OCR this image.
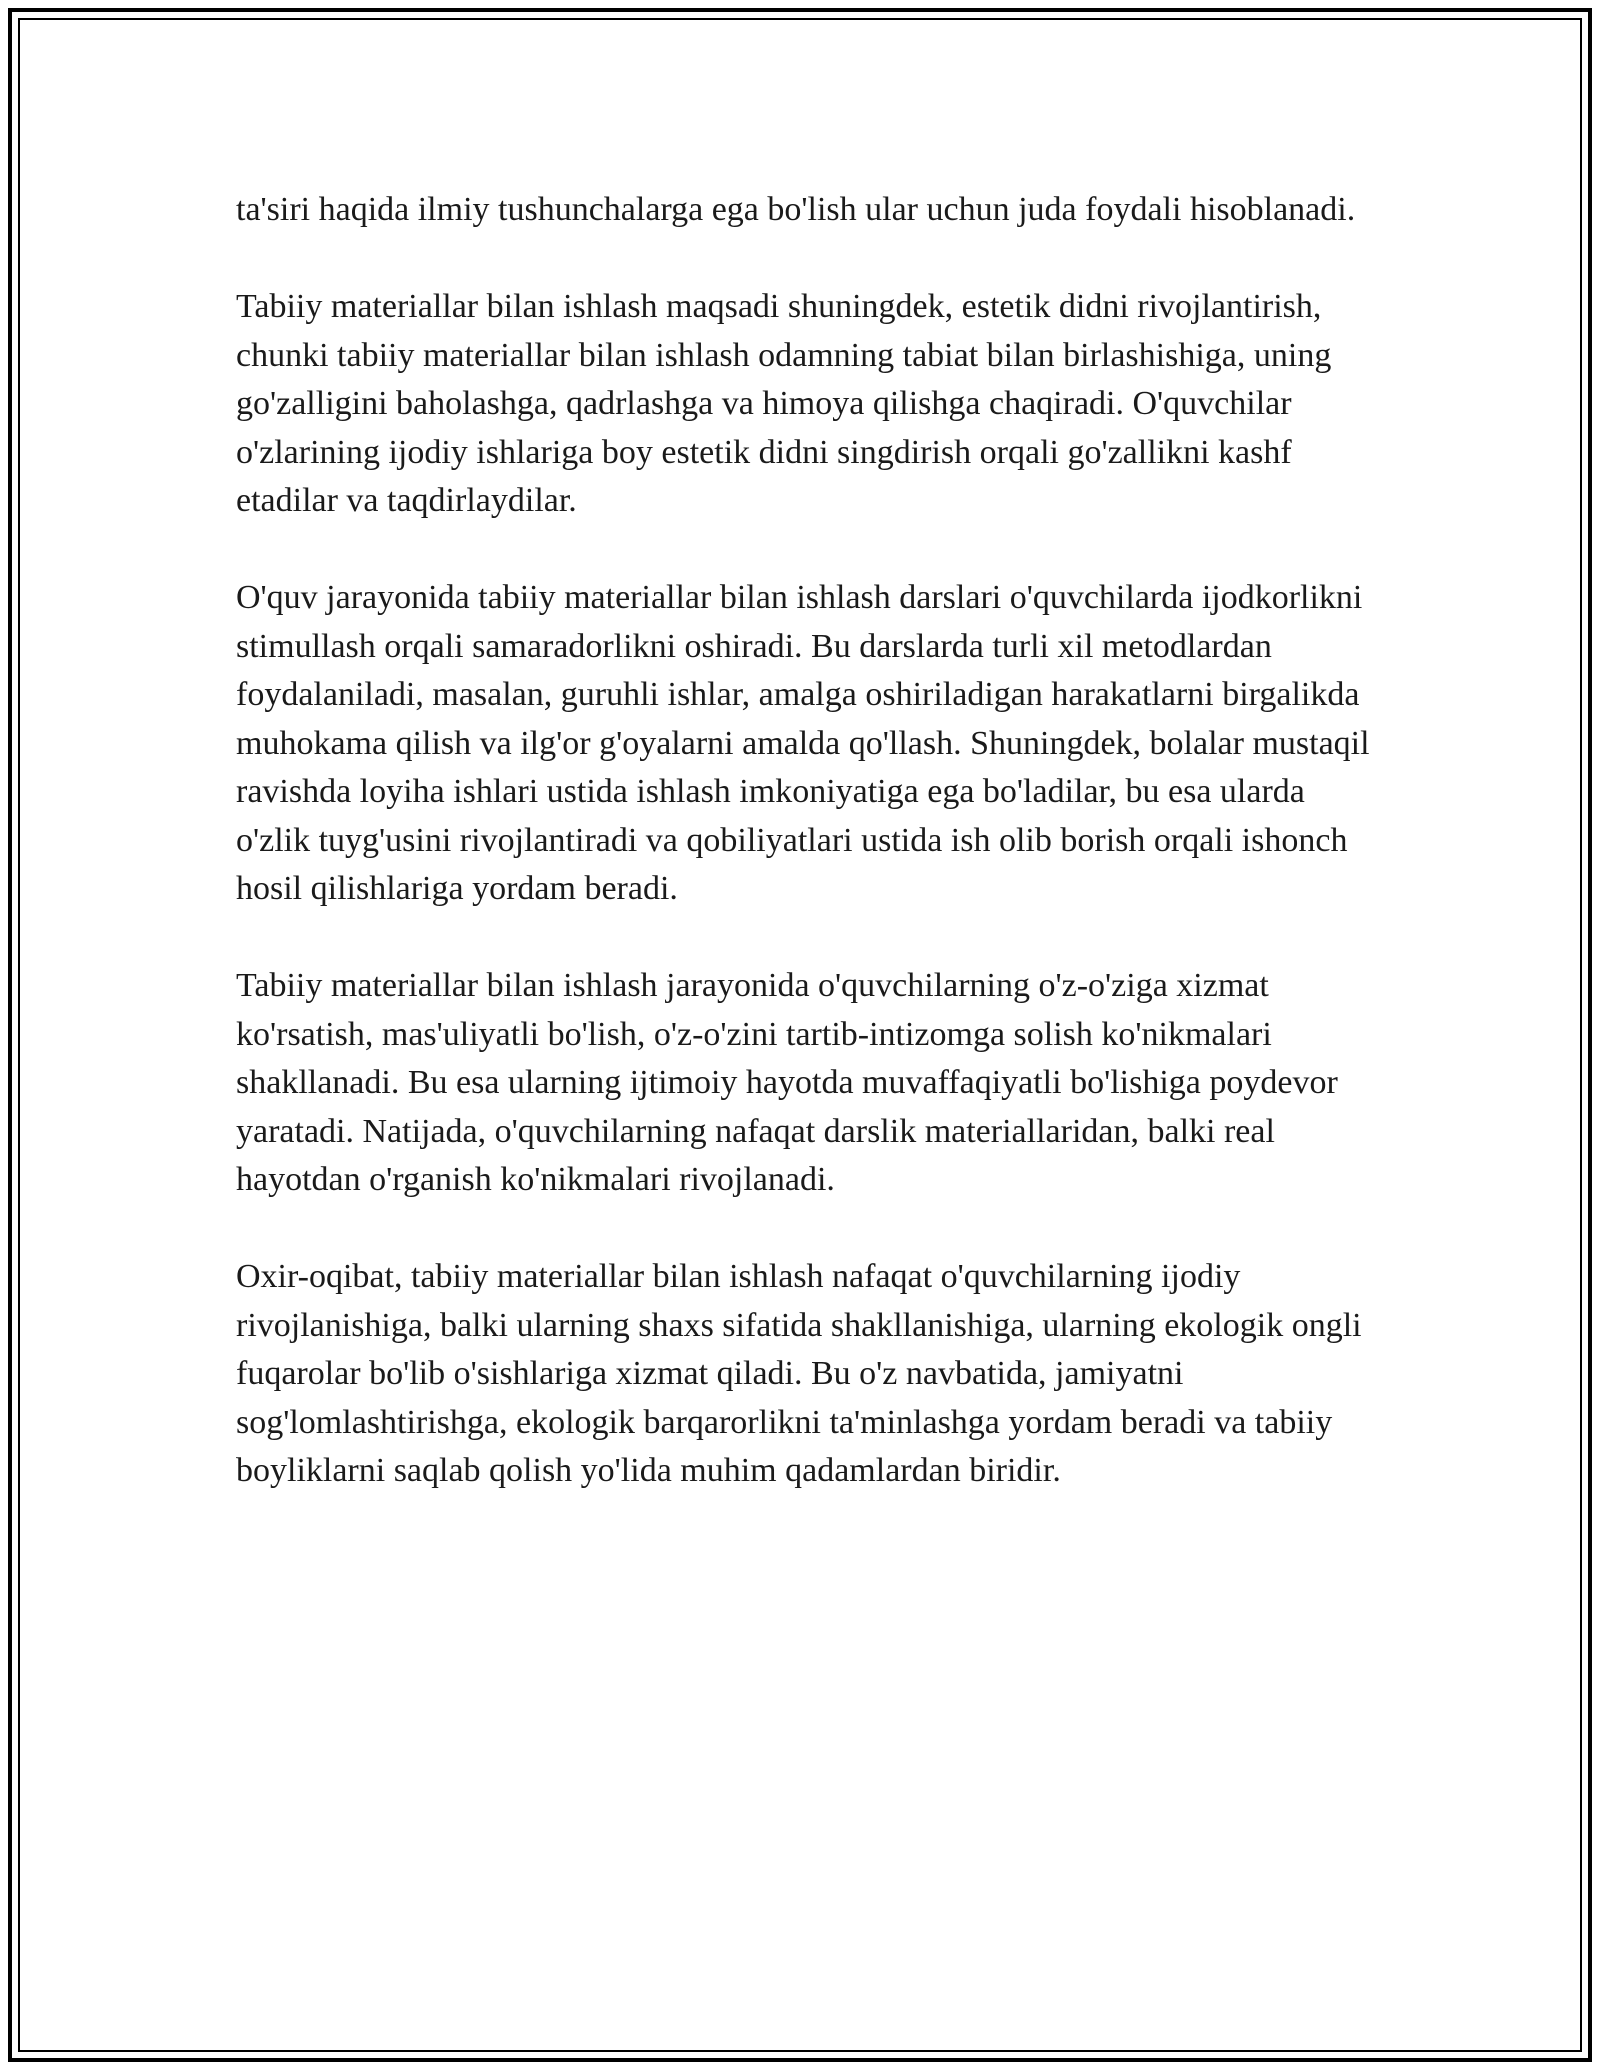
ta'siri haqida ilmiy tushunchalarga ega bo'lish ular uchun juda foydali hisoblanadi.

Tabiiy materiallar bilan ishlash maqsadi shuningdek, estetik didni rivojlantirish, chunki tabiiy materiallar bilan ishlash odamning tabiat bilan birlashishiga, uning go'zalligini baholashga, qadrlashga va himoya qilishga chaqiradi. O'quvchilar o'zlarining ijodiy ishlariga boy estetik didni singdirish orqali go'zallikni kashf etadilar va taqdirlaydilar.

O'quv jarayonida tabiiy materiallar bilan ishlash darslari o'quvchilarda ijodkorlikni stimullash orqali samaradorlikni oshiradi. Bu darslarda turli xil metodlardan foydalaniladi, masalan, guruhli ishlar, amalga oshiriladigan harakatlarni birgalikda muhokama qilish va ilg'or g'oyalarni amalda qo'llash. Shuningdek, bolalar mustaqil ravishda loyiha ishlari ustida ishlash imkoniyatiga ega bo'ladilar, bu esa ularda o'zlik tuyg'usini rivojlantiradi va qobiliyatlari ustida ish olib borish orqali ishonch hosil qilishlariga yordam beradi.

Tabiiy materiallar bilan ishlash jarayonida o'quvchilarning o'z-o'ziga xizmat ko'rsatish, mas'uliyatli bo'lish, o'z-o'zini tartib-intizomga solish ko'nikmalari shakllanadi. Bu esa ularning ijtimoiy hayotda muvaffaqiyatli bo'lishiga poydevor yaratadi. Natijada, o'quvchilarning nafaqat darslik materiallaridan, balki real hayotdan o'rganish ko'nikmalari rivojlanadi.

Oxir-oqibat, tabiiy materiallar bilan ishlash nafaqat o'quvchilarning ijodiy rivojlanishiga, balki ularning shaxs sifatida shakllanishiga, ularning ekologik ongli fuqarolar bo'lib o'sishlariga xizmat qiladi. Bu o'z navbatida, jamiyatni sog'lomlashtirishga, ekologik barqarorlikni ta'minlashga yordam beradi va tabiiy boyliklarni saqlab qolish yo'lida muhim qadamlardan biridir.
